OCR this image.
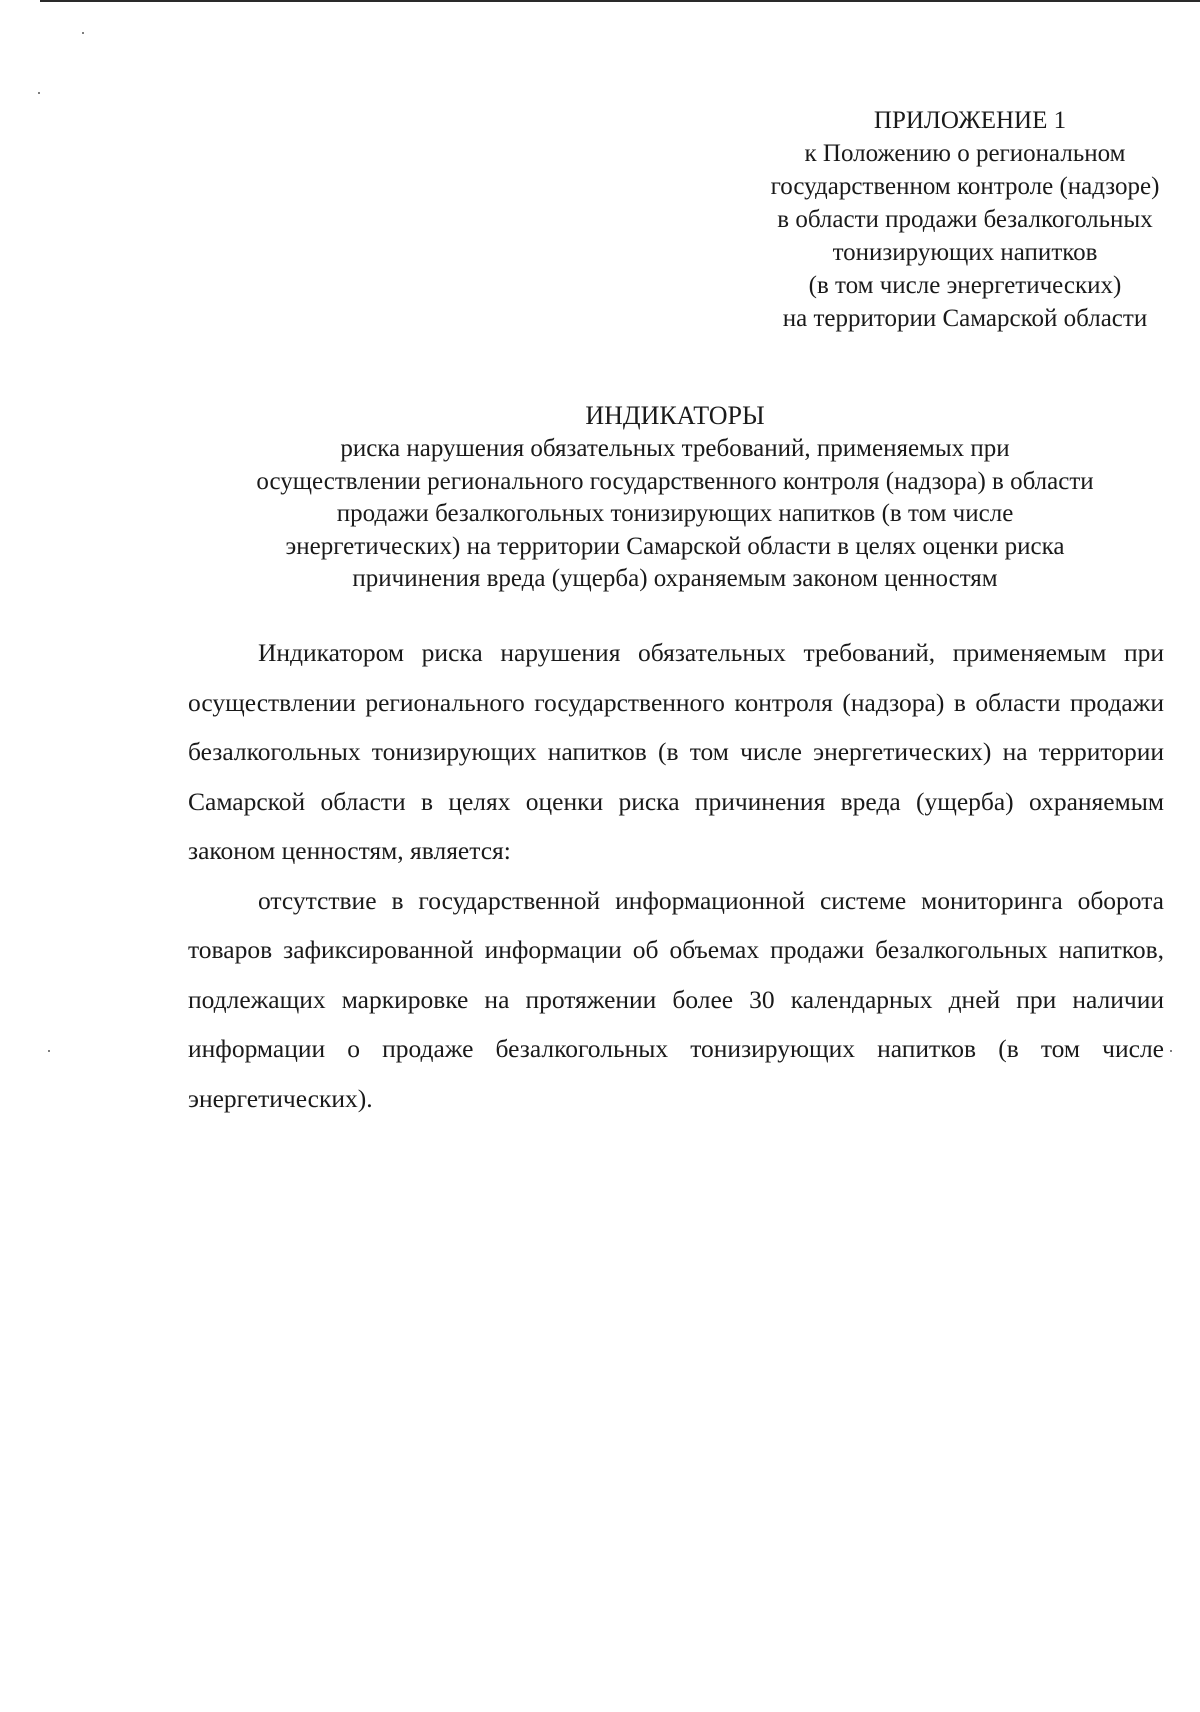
ПРИЛОЖЕНИЕ 1
к Положению о региональном
государственном контроле (надзоре)
в области продажи безалкогольных
тонизирующих напитков
(в том числе энергетических)
на территории Самарской области
ИНДИКАТОРЫ
риска нарушения обязательных требований, применяемых при
осуществлении регионального государственного контроля (надзора) в области
продажи безалкогольных тонизирующих напитков (в том числе
энергетических) на территории Самарской области в целях оценки риска
причинения вреда (ущерба) охраняемым законом ценностям

Индикатором риска нарушения обязательных требований, применяемым при осуществлении регионального государственного контроля (надзора) в области продажи безалкогольных тонизирующих напитков (в том числе энергетических) на территории Самарской области в целях оценки риска причинения вреда (ущерба) охраняемым законом ценностям, является:

отсутствие в государственной информационной системе мониторинга оборота товаров зафиксированной информации об объемах продажи безалкогольных напитков, подлежащих маркировке на протяжении более 30 календарных дней при наличии информации о продаже безалкогольных тонизирующих напитков (в том числе энергетических).
